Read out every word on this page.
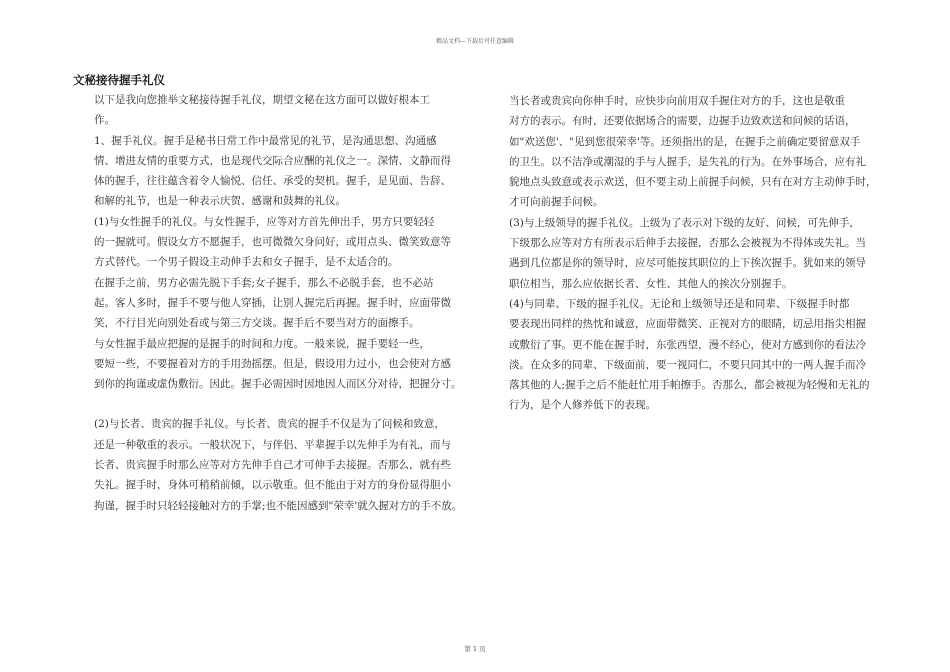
精品文档---下载后可任意编辑
文秘接待握手礼仪

以下是我向您推举文秘接待握手礼仪，期望文秘在这方面可以做好根本工
作。

1、握手礼仪。握手是秘书日常工作中最常见的礼节，是沟通思想、沟通感
情、增进友情的重要方式，也是现代交际合应酬的礼仪之一。深情、文静而得
体的握手，往往蕴含着令人愉悦、信任、承受的契机。握手，是见面、告辞、
和解的礼节，也是一种表示庆贺、感谢和鼓舞的礼仪。

(1)与女性握手的礼仪。与女性握手，应等对方首先伸出手，男方只要轻轻
的一握就可。假设女方不愿握手，也可微微欠身问好，或用点头、微笑致意等
方式替代。一个男子假设主动伸手去和女子握手，是不太适合的。

在握手之前，男方必需先脱下手套;女子握手，那么不必脱手套，也不必站
起。客人多时，握手不要与他人穿插，让别人握完后再握。握手时，应面带微
笑，不行目光向别处看或与第三方交谈。握手后不要当对方的面擦手。

与女性握手最应把握的是握手的时间和力度。一般来说，握手要轻一些，
要短一些，不要握着对方的手用劲摇摆。但是，假设用力过小，也会使对方感
到你的拘谨或虚伪敷衍。因此。握手必需因时因地因人而区分对待，把握分寸。

(2)与长者、贵宾的握手礼仪。与长者、贵宾的握手不仅是为了问候和致意，
还是一种敬重的表示。一般状况下，与伴侣、平辈握手以先伸手为有礼，而与
长者、贵宾握手时那么应等对方先伸手自己才可伸手去接握。否那么，就有些
失礼。握手时，身体可稍稍前倾，以示敬重。但不能由于对方的身份显得胆小
拘谨，握手时只轻轻接触对方的手掌;也不能因感到"荣幸'就久握对方的手不放。

当长者或贵宾向你伸手时，应快步向前用双手握住对方的手，这也是敬重
对方的表示。有时，还要依据场合的需要，边握手边致欢送和问候的话语，
如"欢送您'、"见到您很荣幸'等。还须指出的是，在握手之前确定要留意双手
的卫生。以不洁净或潮湿的手与人握手，是失礼的行为。在外事场合，应有礼
貌地点头致意或表示欢送，但不要主动上前握手问候，只有在对方主动伸手时，
才可向前握手问候。

(3)与上级领导的握手礼仪。上级为了表示对下级的友好、问候，可先伸手，
下级那么应等对方有所表示后伸手去接握，否那么会被视为不得体或失礼。当
遇到几位都是你的领导时，应尽可能按其职位的上下挨次握手。犹如来的领导
职位相当，那么应依据长者、女性、其他人的挨次分别握手。

(4)与同辈、下级的握手礼仪。无论和上级领导还是和同辈、下级握手时都
要表现出同样的热忱和诚意，应面带微笑、正视对方的眼睛，切忌用指尖相握
或敷衍了事。更不能在握手时，东张西望，漫不经心，使对方感到你的看法冷
淡。在众多的同辈、下级面前，要一视同仁，不要只同其中的一两人握手而冷
落其他的人;握手之后不能赶忙用手帕擦手。否那么，都会被视为轻慢和无礼的
行为，是个人修养低下的表现。

第 1 页
